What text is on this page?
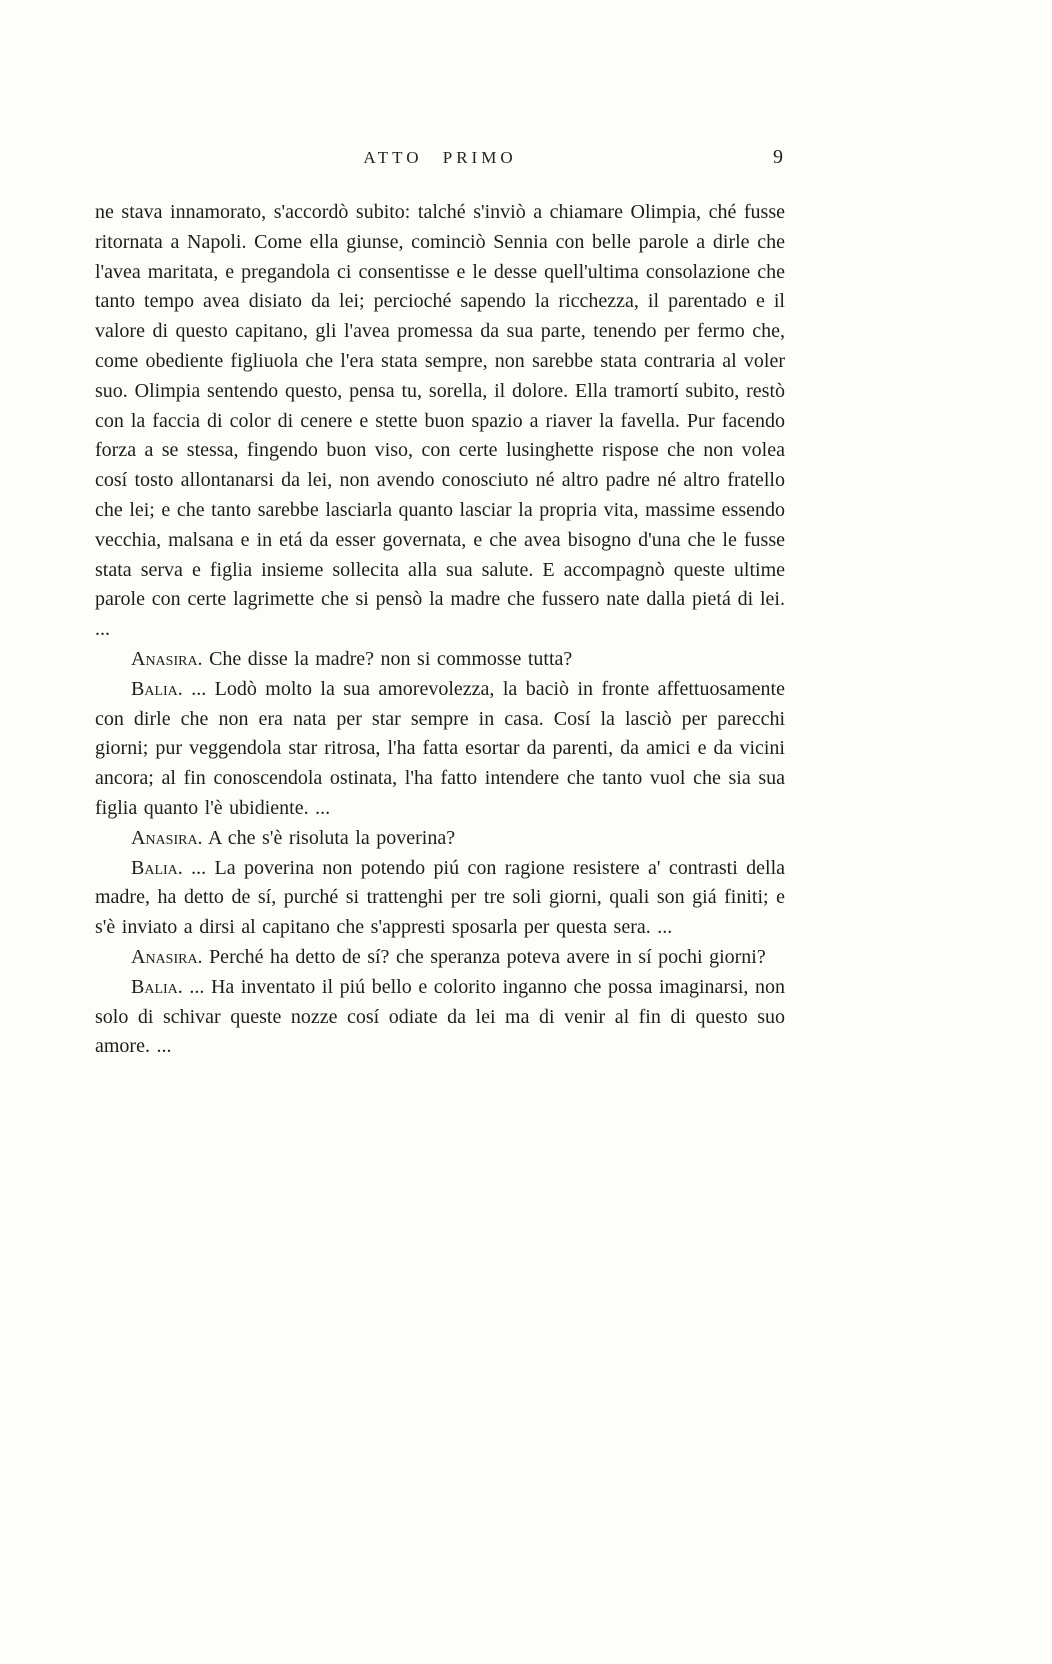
ATTO PRIMO	9

ne stava innamorato, s'accordò subito: talché s'inviò a chiamare Olimpia, ché fusse ritornata a Napoli. Come ella giunse, cominciò Sennia con belle parole a dirle che l'avea maritata, e pregandola ci consentisse e le desse quell'ultima consolazione che tanto tempo avea disiato da lei; percioché sapendo la ricchezza, il parentado e il valore di questo capitano, gli l'avea promessa da sua parte, tenendo per fermo che, come obediente figliuola che l'era stata sempre, non sarebbe stata contraria al voler suo. Olimpia sentendo questo, pensa tu, sorella, il dolore. Ella tramortí subito, restò con la faccia di color di cenere e stette buon spazio a riaver la favella. Pur facendo forza a se stessa, fingendo buon viso, con certe lusinghette rispose che non volea cosí tosto allontanarsi da lei, non avendo conosciuto né altro padre né altro fratello che lei; e che tanto sarebbe lasciarla quanto lasciar la propria vita, massime essendo vecchia, malsana e in etá da esser governata, e che avea bisogno d'una che le fusse stata serva e figlia insieme sollecita alla sua salute. E accompagnò queste ultime parole con certe lagrimette che si pensò la madre che fussero nate dalla pietá di lei. ...

Anasira. Che disse la madre? non si commosse tutta?

Balia. ... Lodò molto la sua amorevolezza, la baciò in fronte affettuosamente con dirle che non era nata per star sempre in casa. Cosí la lasciò per parecchi giorni; pur veggendola star ritrosa, l'ha fatta esortar da parenti, da amici e da vicini ancora; al fin conoscendola ostinata, l'ha fatto intendere che tanto vuol che sia sua figlia quanto l'è ubidiente. ...

Anasira. A che s'è risoluta la poverina?

Balia. ... La poverina non potendo piú con ragione resistere a' contrasti della madre, ha detto de sí, purché si trattenghi per tre soli giorni, quali son giá finiti; e s'è inviato a dirsi al capitano che s'appresti sposarla per questa sera. ...

Anasira. Perché ha detto de sí? che speranza poteva avere in sí pochi giorni?

Balia. ... Ha inventato il piú bello e colorito inganno che possa imaginarsi, non solo di schivar queste nozze cosí odiate da lei ma di venir al fin di questo suo amore. ...
